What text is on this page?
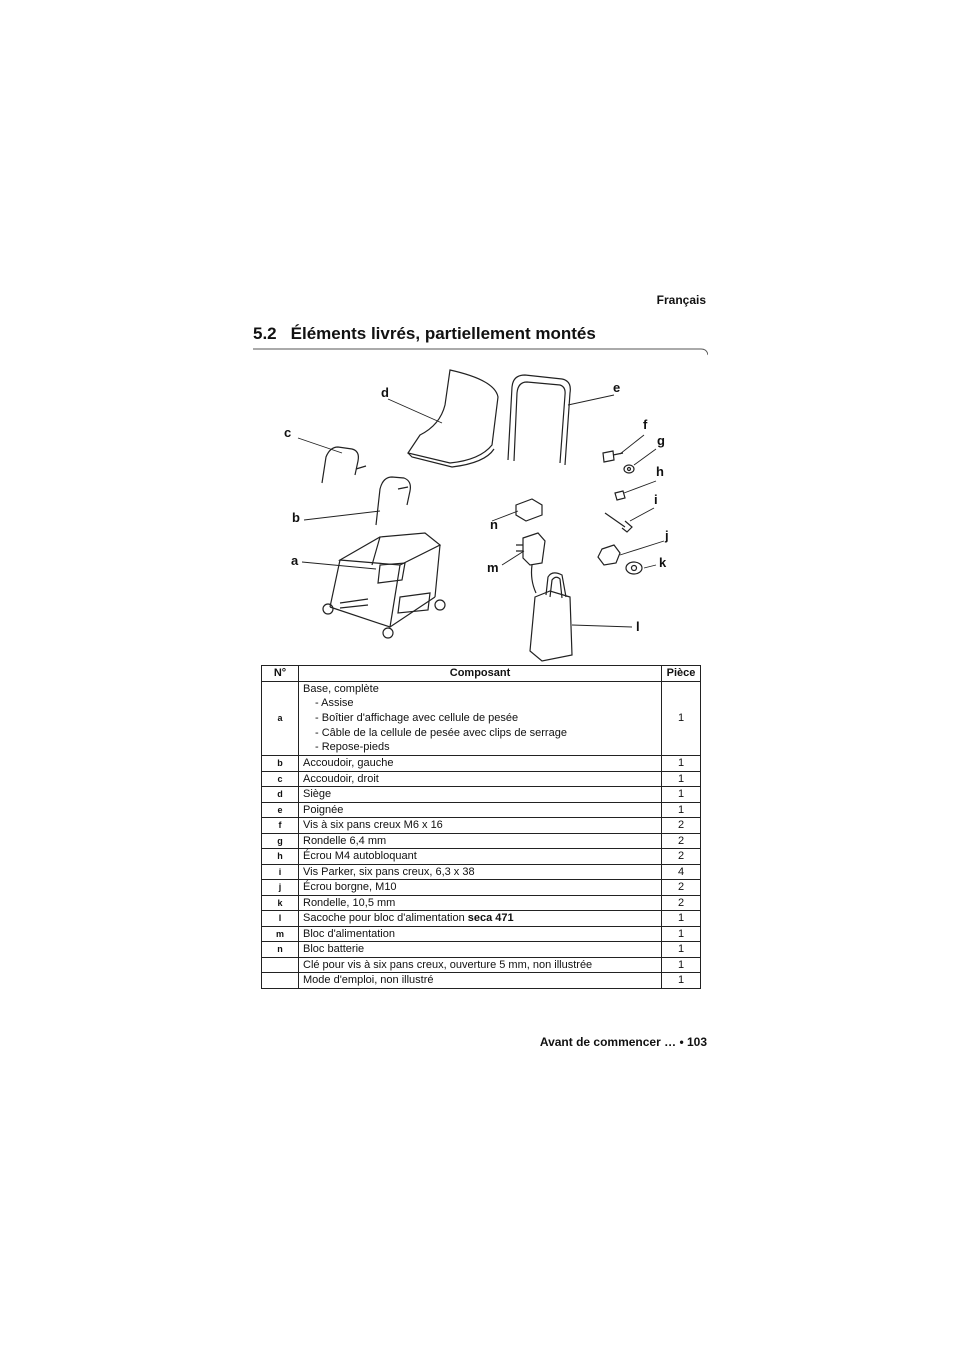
Français
5.2 Éléments livrés, partiellement montés
d	e
c
f
g
h
i
b	n
j
a	m	k
l
N°	Composant	Pièce
a	Base, complète
- Assise
- Boîtier d'affichage avec cellule de pesée
- Câble de la cellule de pesée avec clips de serrage
- Repose-pieds	1
b	Accoudoir, gauche	1
c	Accoudoir, droit	1
d	Siège	1
e	Poignée	1
f	Vis à six pans creux M6 x 16	2
g	Rondelle 6,4 mm	2
h	Écrou M4 autobloquant	2
i	Vis Parker, six pans creux, 6,3 x 38	4
j	Écrou borgne, M10	2
k	Rondelle, 10,5 mm	2
l	Sacoche pour bloc d'alimentation seca 471	1
m	Bloc d'alimentation	1
n	Bloc batterie	1
	Clé pour vis à six pans creux, ouverture 5 mm, non illustrée	1
	Mode d'emploi, non illustré	1
Avant de commencer … • 103
